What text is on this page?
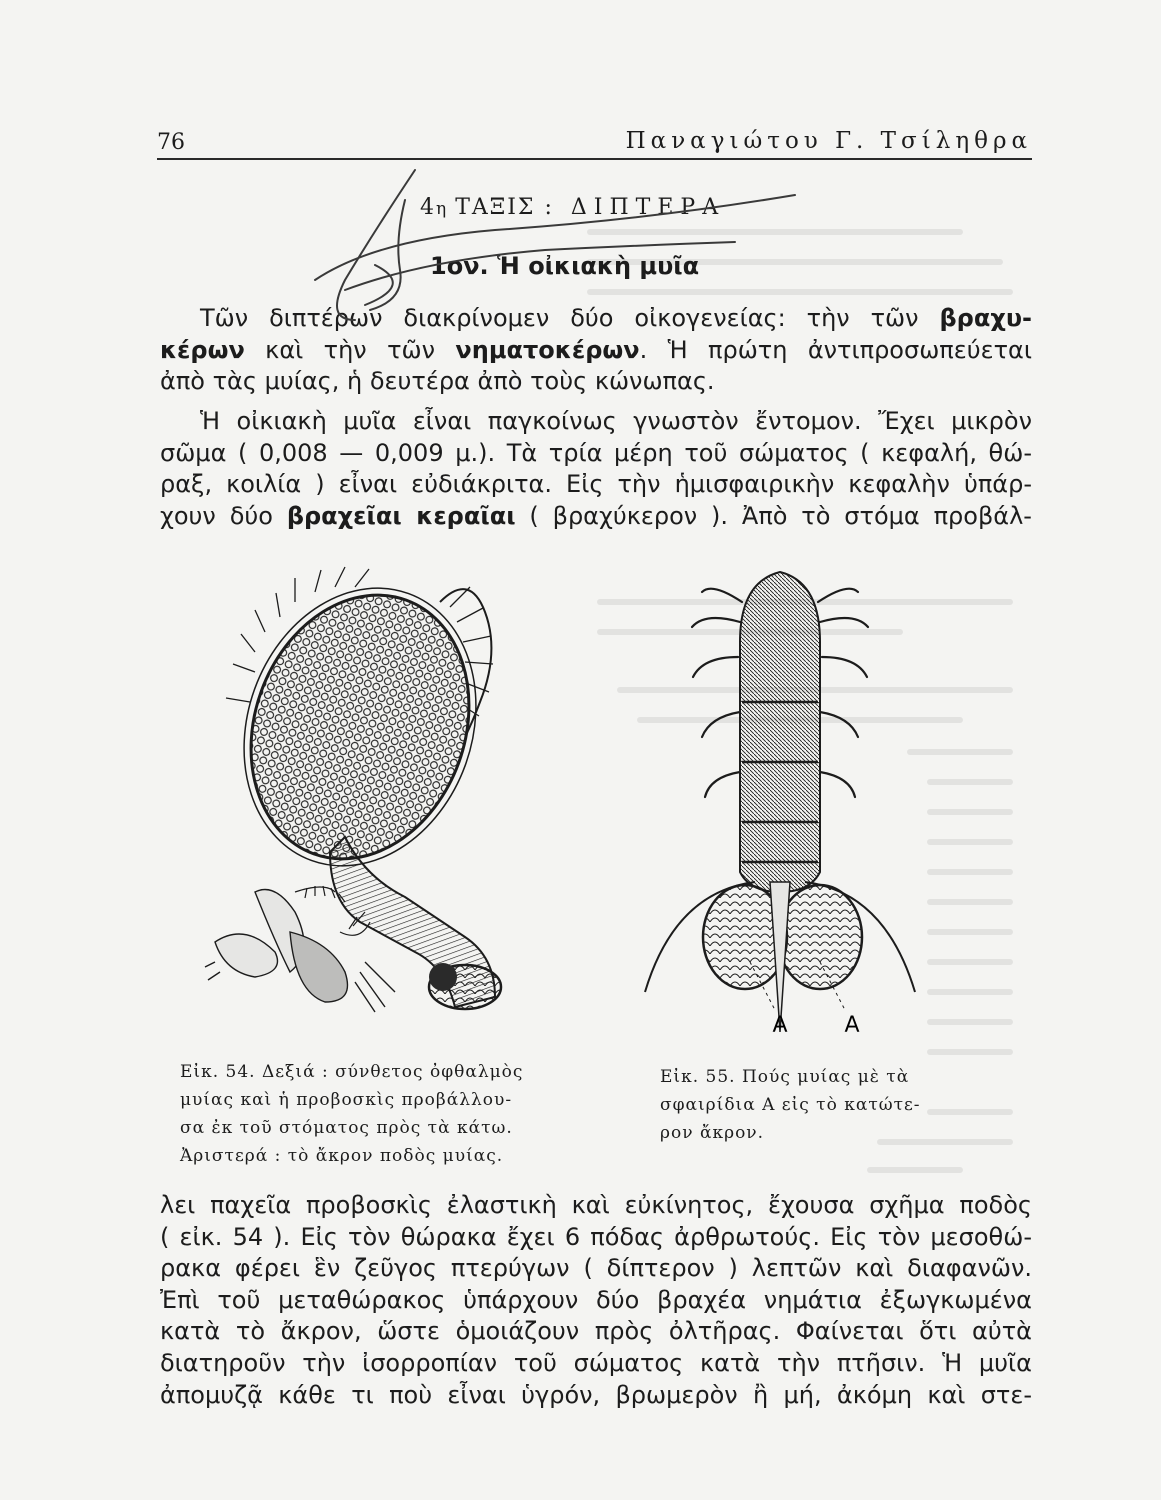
76	Παναγιώτου Γ. Τσίληθρα
4η ΤΑΞΙΣ : ΔΙΠΤΕΡΑ
1ον. Ἡ οἰκιακὴ μυῖα

Τῶν διπτέρων διακρίνομεν δύο οἰκογενείας: τὴν τῶν βραχυ-
κέρων καὶ τὴν τῶν νηματοκέρων. Ἡ πρώτη ἀντιπροσωπεύεται
ἀπὸ τὰς μυίας, ἡ δευτέρα ἀπὸ τοὺς κώνωπας.

Ἡ οἰκιακὴ μυῖα εἶναι παγκοίνως γνωστὸν ἔντομον. Ἔχει μικρὸν
σῶμα ( 0,008 — 0,009 μ.). Τὰ τρία μέρη τοῦ σώματος ( κεφαλή, θώ-
ραξ, κοιλία ) εἶναι εὐδιάκριτα. Εἰς τὴν ἡμισφαιρικὴν κεφαλὴν ὑπάρ-
χουν δύο βραχεῖαι κεραῖαι ( βραχύκερον ). Ἀπὸ τὸ στόμα προβάλ-

Α	Α
Εἰκ. 54. Δεξιά : σύνθετος ὀφθαλμὸς
μυίας καὶ ἡ προβοσκὶς προβάλλου-
σα ἐκ τοῦ στόματος πρὸς τὰ κάτω.
Ἀριστερά : τὸ ἄκρον ποδὸς μυίας.
Εἰκ. 55. Πούς μυίας μὲ τὰ
σφαιρίδια Α εἰς τὸ κατώτε-
ρον ἄκρον.

λει παχεῖα προβοσκὶς ἐλαστικὴ καὶ εὐκίνητος, ἔχουσα σχῆμα ποδὸς
( εἰκ. 54 ). Εἰς τὸν θώρακα ἔχει 6 πόδας ἀρθρωτούς. Εἰς τὸν μεσοθώ-
ρακα φέρει ἓν ζεῦγος πτερύγων ( δίπτερον ) λεπτῶν καὶ διαφανῶν.
Ἐπὶ τοῦ μεταθώρακος ὑπάρχουν δύο βραχέα νημάτια ἐξωγκωμένα
κατὰ τὸ ἄκρον, ὥστε ὁμοιάζουν πρὸς ὀλτῆρας. Φαίνεται ὅτι αὐτὰ
διατηροῦν τὴν ἰσορροπίαν τοῦ σώματος κατὰ τὴν πτῆσιν. Ἡ μυῖα
ἀπομυζᾷ κάθε τι ποὺ εἶναι ὑγρόν, βρωμερὸν ἢ μή, ἀκόμη καὶ στε-
